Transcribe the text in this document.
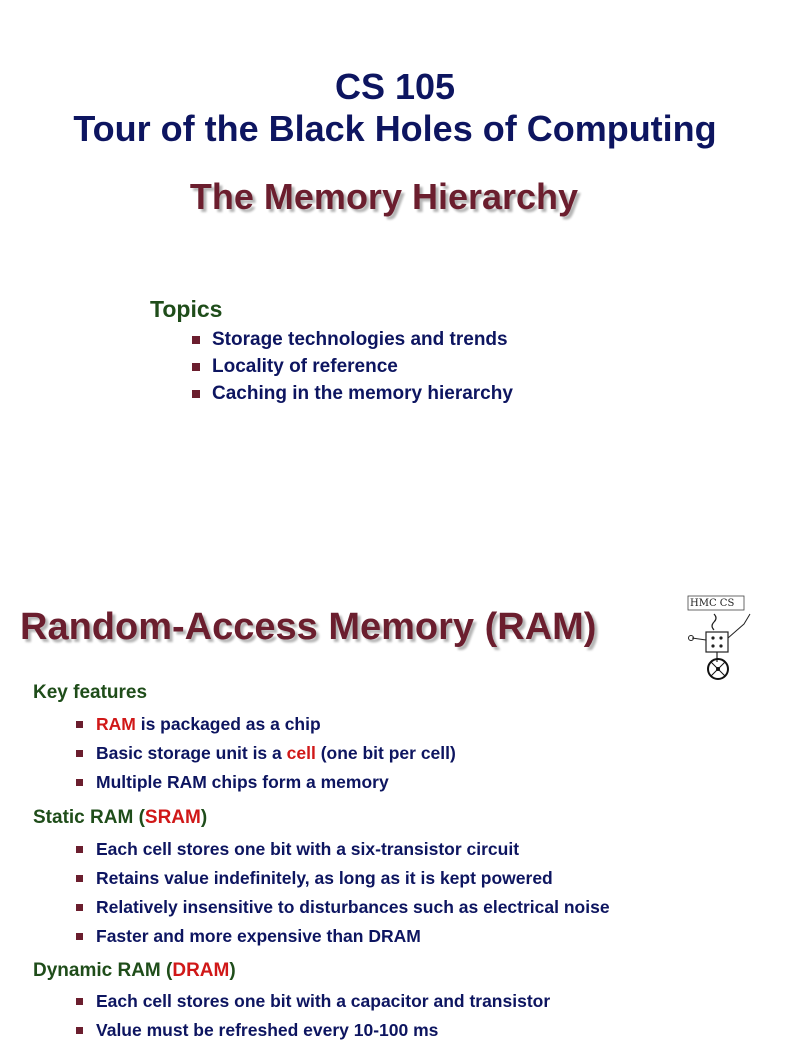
CS 105
Tour of the Black Holes of Computing
The Memory Hierarchy
Topics
Storage technologies and trends
Locality of reference
Caching in the memory hierarchy
Random-Access Memory (RAM)
HMC CS
Key features
RAM is packaged as a chip
Basic storage unit is a cell (one bit per cell)
Multiple RAM chips form a memory
Static RAM (SRAM)
Each cell stores one bit with a six-transistor circuit
Retains value indefinitely, as long as it is kept powered
Relatively insensitive to disturbances such as electrical noise
Faster and more expensive than DRAM
Dynamic RAM (DRAM)
Each cell stores one bit with a capacitor and transistor
Value must be refreshed every 10-100 ms
